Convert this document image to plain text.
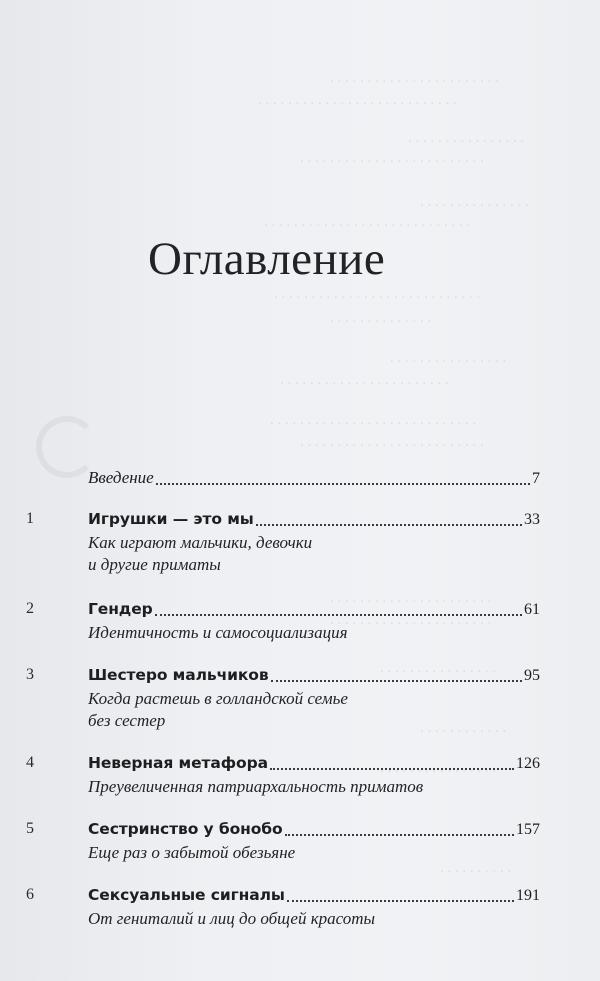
. . . . . . . . . . . . . . . . . . . . . . .
. . . . . . . . . . . . . . . . . . . . . . . . . . .
. . . . . . . . . . . . . . . .
. . . . . . . . . . . . . . . . . . . . . . . . .
. . . . . . . . . . . . . . .
. . . . . . . . . . . . . . . . . . . . . . . . . . . .
. . . . . . . . . . . . . . . . . . . . . . . . . . . .
. . . . . . . . . . . . . .
. . . . . . . . . . . . . . . .
. . . . . . . . . . . . . . . . . . . . . . .
. . . . . . . . . . . . . . . . . . . . . . . . . . . .
. . . . . . . . . . . . . . . . . . . . . . . . .
. . . . . . . . . . . . . . . . . . . . . .
. . . . . . . . . . . . . . . . . . . . . .
. . . . . . . . . . . . . . . .
. . . . . . . . . . . .
. . . . . . . . . . . . . . . .
. . . . . . . . . .
Оглавление
Введение	7
1	Игрушки — это мы	33
Как играют мальчики, девочки
и другие приматы
2	Гендер	61
Идентичность и самосоциализация
3	Шестеро мальчиков	95
Когда растешь в голландской семье
без сестер
4	Неверная метафора	126
Преувеличенная патриархальность приматов
5	Сестринство у бонобо	157
Еще раз о забытой обезьяне
6	Сексуальные сигналы	191
От гениталий и лиц до общей красоты
